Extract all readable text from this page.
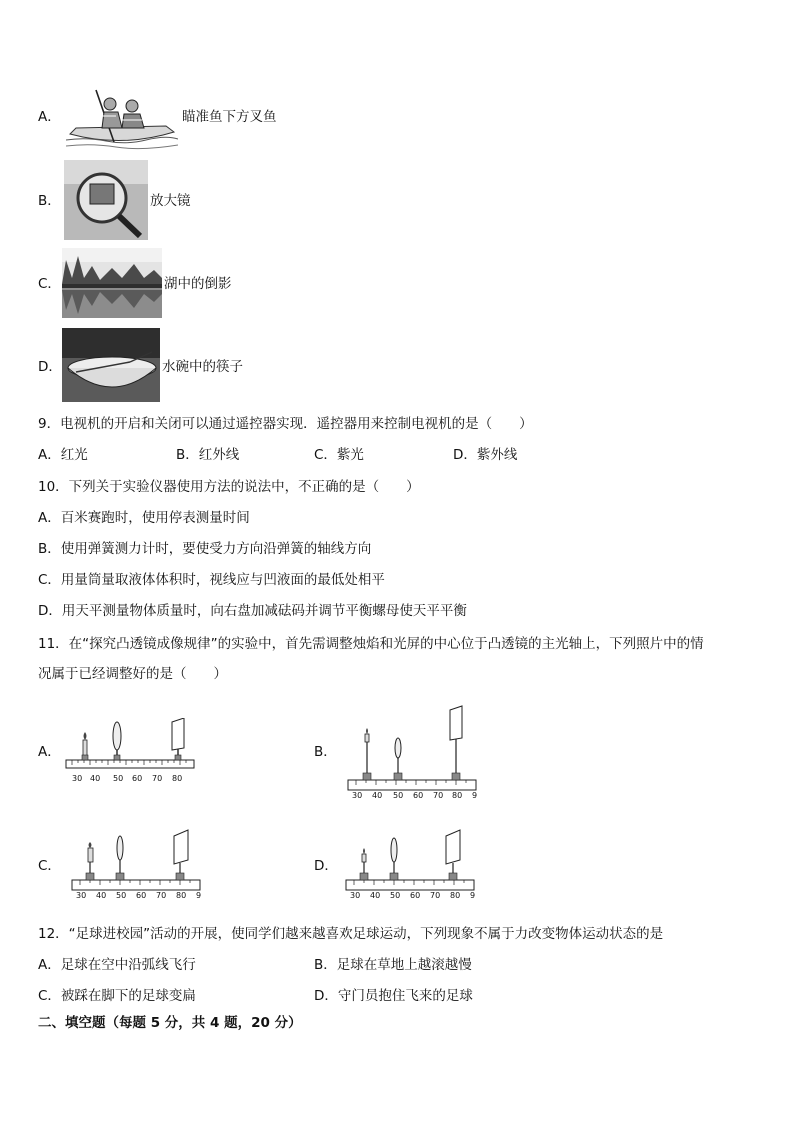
A．	瞄准鱼下方叉鱼
B．	放大镜
C．	湖中的倒影
D．	水碗中的筷子
9．电视机的开启和关闭可以通过遥控器实现．遥控器用来控制电视机的是（　　）
A．红光	B．红外线	C．紫光	D．紫外线
10．下列关于实验仪器使用方法的说法中，不正确的是（　　）
A．百米赛跑时，使用停表测量时间
B．使用弹簧测力计时，要使受力方向沿弹簧的轴线方向
C．用量筒量取液体体积时，视线应与凹液面的最低处相平
D．用天平测量物体质量时，向右盘加减砝码并调节平衡螺母使天平平衡
11．在“探究凸透镜成像规律”的实验中，首先需调整烛焰和光屏的中心位于凸透镜的主光轴上，下列照片中的情
况属于已经调整好的是（　　）
A．
30 40 50 60 70 80
B．
30 40 50 60 70 80 9
C．
30 40 50 60 70 80 9
D．
30 40 50 60 70 80 9
12．“足球进校园”活动的开展，使同学们越来越喜欢足球运动，下列现象不属于力改变物体运动状态的是
A．足球在空中沿弧线飞行	B．足球在草地上越滚越慢
C．被踩在脚下的足球变扁	D．守门员抱住飞来的足球
二、填空题（每题 5 分，共 4 题，20 分）
